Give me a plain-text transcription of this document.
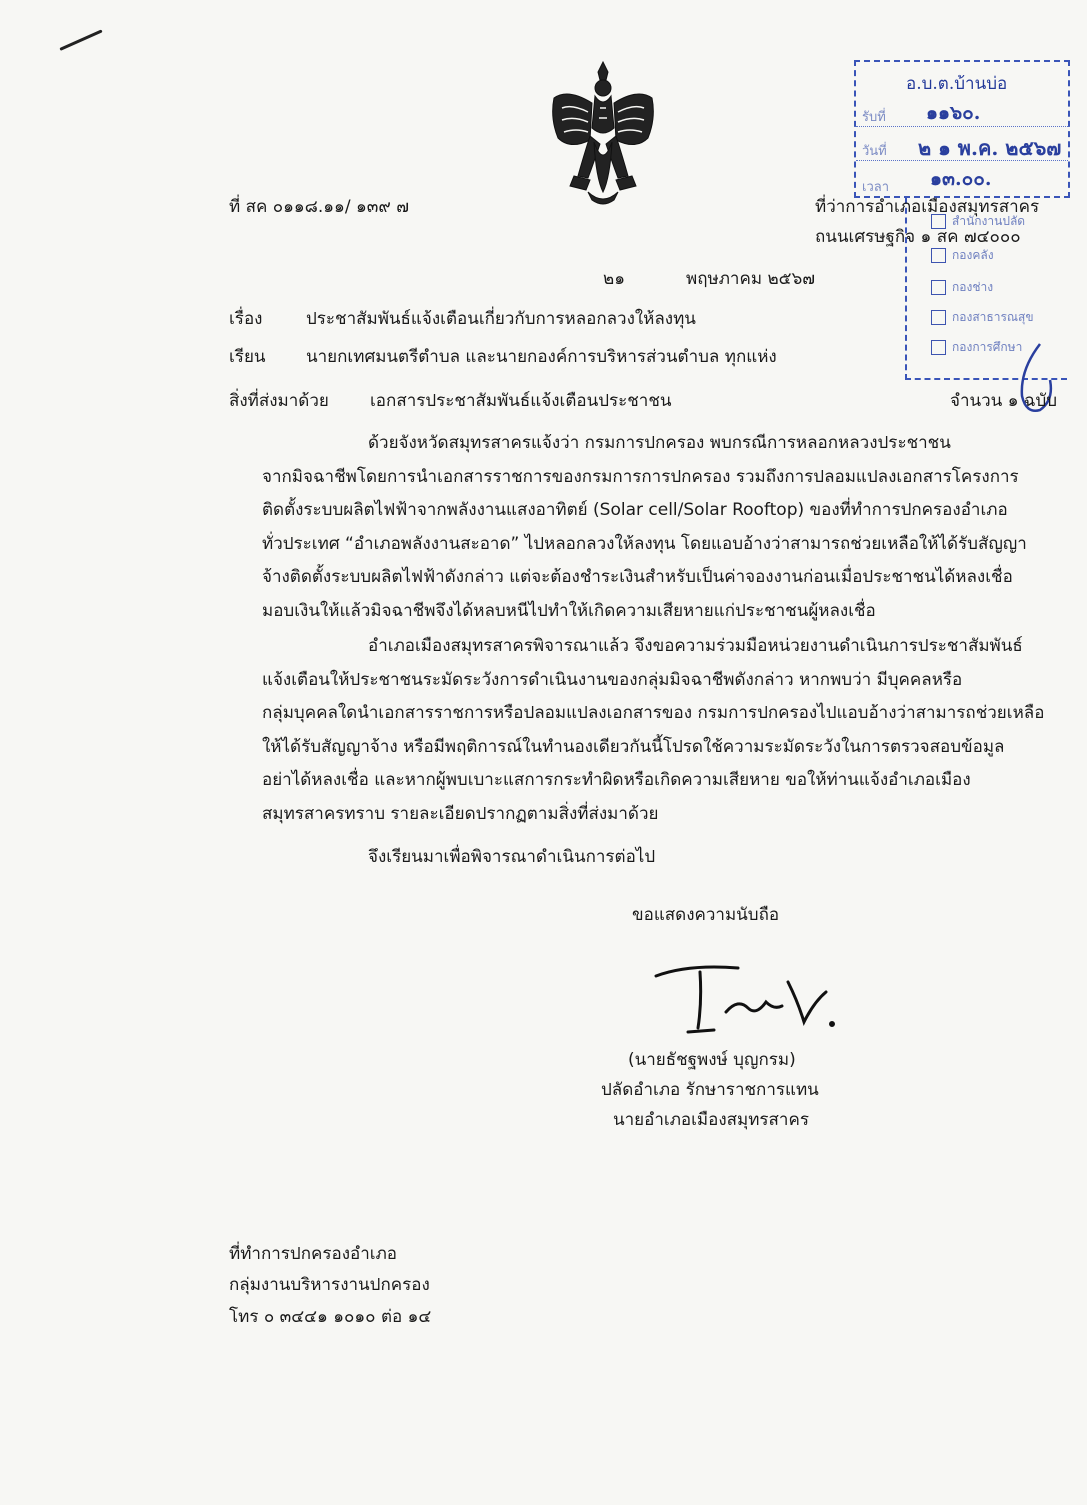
อ.บ.ต.บ้านบ่อ
รับที่ ๑๑๖๐.
วันที่ ๒ ๑ พ.ค. ๒๕๖๗
เวลา ๑๓.๐๐.
สำนักงานปลัด
กองคลัง
กองช่าง
กองสาธารณสุข
กองการศึกษา
ที่ สค ๐๑๑๘.๑๑/ ๑๓๙ ๗	ที่ว่าการอำเภอเมืองสมุทรสาคร
ถนนเศรษฐกิจ ๑ สค ๗๔๐๐๐
๒๑	พฤษภาคม ๒๕๖๗
เรื่อง	ประชาสัมพันธ์แจ้งเตือนเกี่ยวกับการหลอกลวงให้ลงทุน
เรียน นายกเทศมนตรีตำบล และนายกองค์การบริหารส่วนตำบล ทุกแห่ง
สิ่งที่ส่งมาด้วย เอกสารประชาสัมพันธ์แจ้งเตือนประชาชน	จำนวน ๑ ฉบับ
ด้วยจังหวัดสมุทรสาครแจ้งว่า กรมการปกครอง พบกรณีการหลอกหลวงประชาชน
จากมิจฉาชีพโดยการนำเอกสารราชการของกรมการการปกครอง รวมถึงการปลอมแปลงเอกสารโครงการ
ติดตั้งระบบผลิตไฟฟ้าจากพลังงานแสงอาทิตย์ (Solar cell/Solar Rooftop) ของที่ทำการปกครองอำเภอ
ทั่วประเทศ “อำเภอพลังงานสะอาด” ไปหลอกลวงให้ลงทุน โดยแอบอ้างว่าสามารถช่วยเหลือให้ได้รับสัญญา
จ้างติดตั้งระบบผลิตไฟฟ้าดังกล่าว แต่จะต้องชำระเงินสำหรับเป็นค่าจองงานก่อนเมื่อประชาชนได้หลงเชื่อ
มอบเงินให้แล้วมิจฉาชีพจึงได้หลบหนีไปทำให้เกิดความเสียหายแก่ประชาชนผู้หลงเชื่อ
อำเภอเมืองสมุทรสาครพิจารณาแล้ว จึงขอความร่วมมือหน่วยงานดำเนินการประชาสัมพันธ์
แจ้งเตือนให้ประชาชนระมัดระวังการดำเนินงานของกลุ่มมิจฉาชีพดังกล่าว หากพบว่า มีบุคคลหรือ
กลุ่มบุคคลใดนำเอกสารราชการหรือปลอมแปลงเอกสารของ กรมการปกครองไปแอบอ้างว่าสามารถช่วยเหลือ
ให้ได้รับสัญญาจ้าง หรือมีพฤติการณ์ในทำนองเดียวกันนี้โปรดใช้ความระมัดระวังในการตรวจสอบข้อมูล
อย่าได้หลงเชื่อ และหากผู้พบเบาะแสการกระทำผิดหรือเกิดความเสียหาย ขอให้ท่านแจ้งอำเภอเมือง
สมุทรสาครทราบ รายละเอียดปรากฏตามสิ่งที่ส่งมาด้วย
จึงเรียนมาเพื่อพิจารณาดำเนินการต่อไป
ขอแสดงความนับถือ
(นายธัชฐพงษ์ บุญกรม)
ปลัดอำเภอ รักษาราชการแทน
นายอำเภอเมืองสมุทรสาคร
ที่ทำการปกครองอำเภอ
กลุ่มงานบริหารงานปกครอง
โทร ๐ ๓๔๔๑ ๑๐๑๐ ต่อ ๑๔
